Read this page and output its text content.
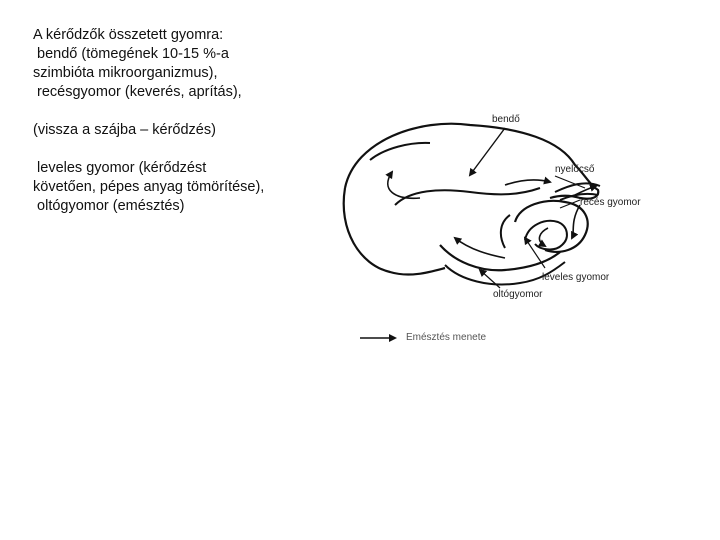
A kérődzők összetett gyomra:
bendő (tömegének 10-15 %-a
szimbióta mikroorganizmus),
recésgyomor (keverés, aprítás),
(vissza a szájba – kérődzés)
leveles gyomor (kérődzést
követően, pépes anyag tömörítése),
oltógyomor (emésztés)
bendő
nyelőcső
recés gyomor
leveles gyomor
oltógyomor
Emésztés menete
